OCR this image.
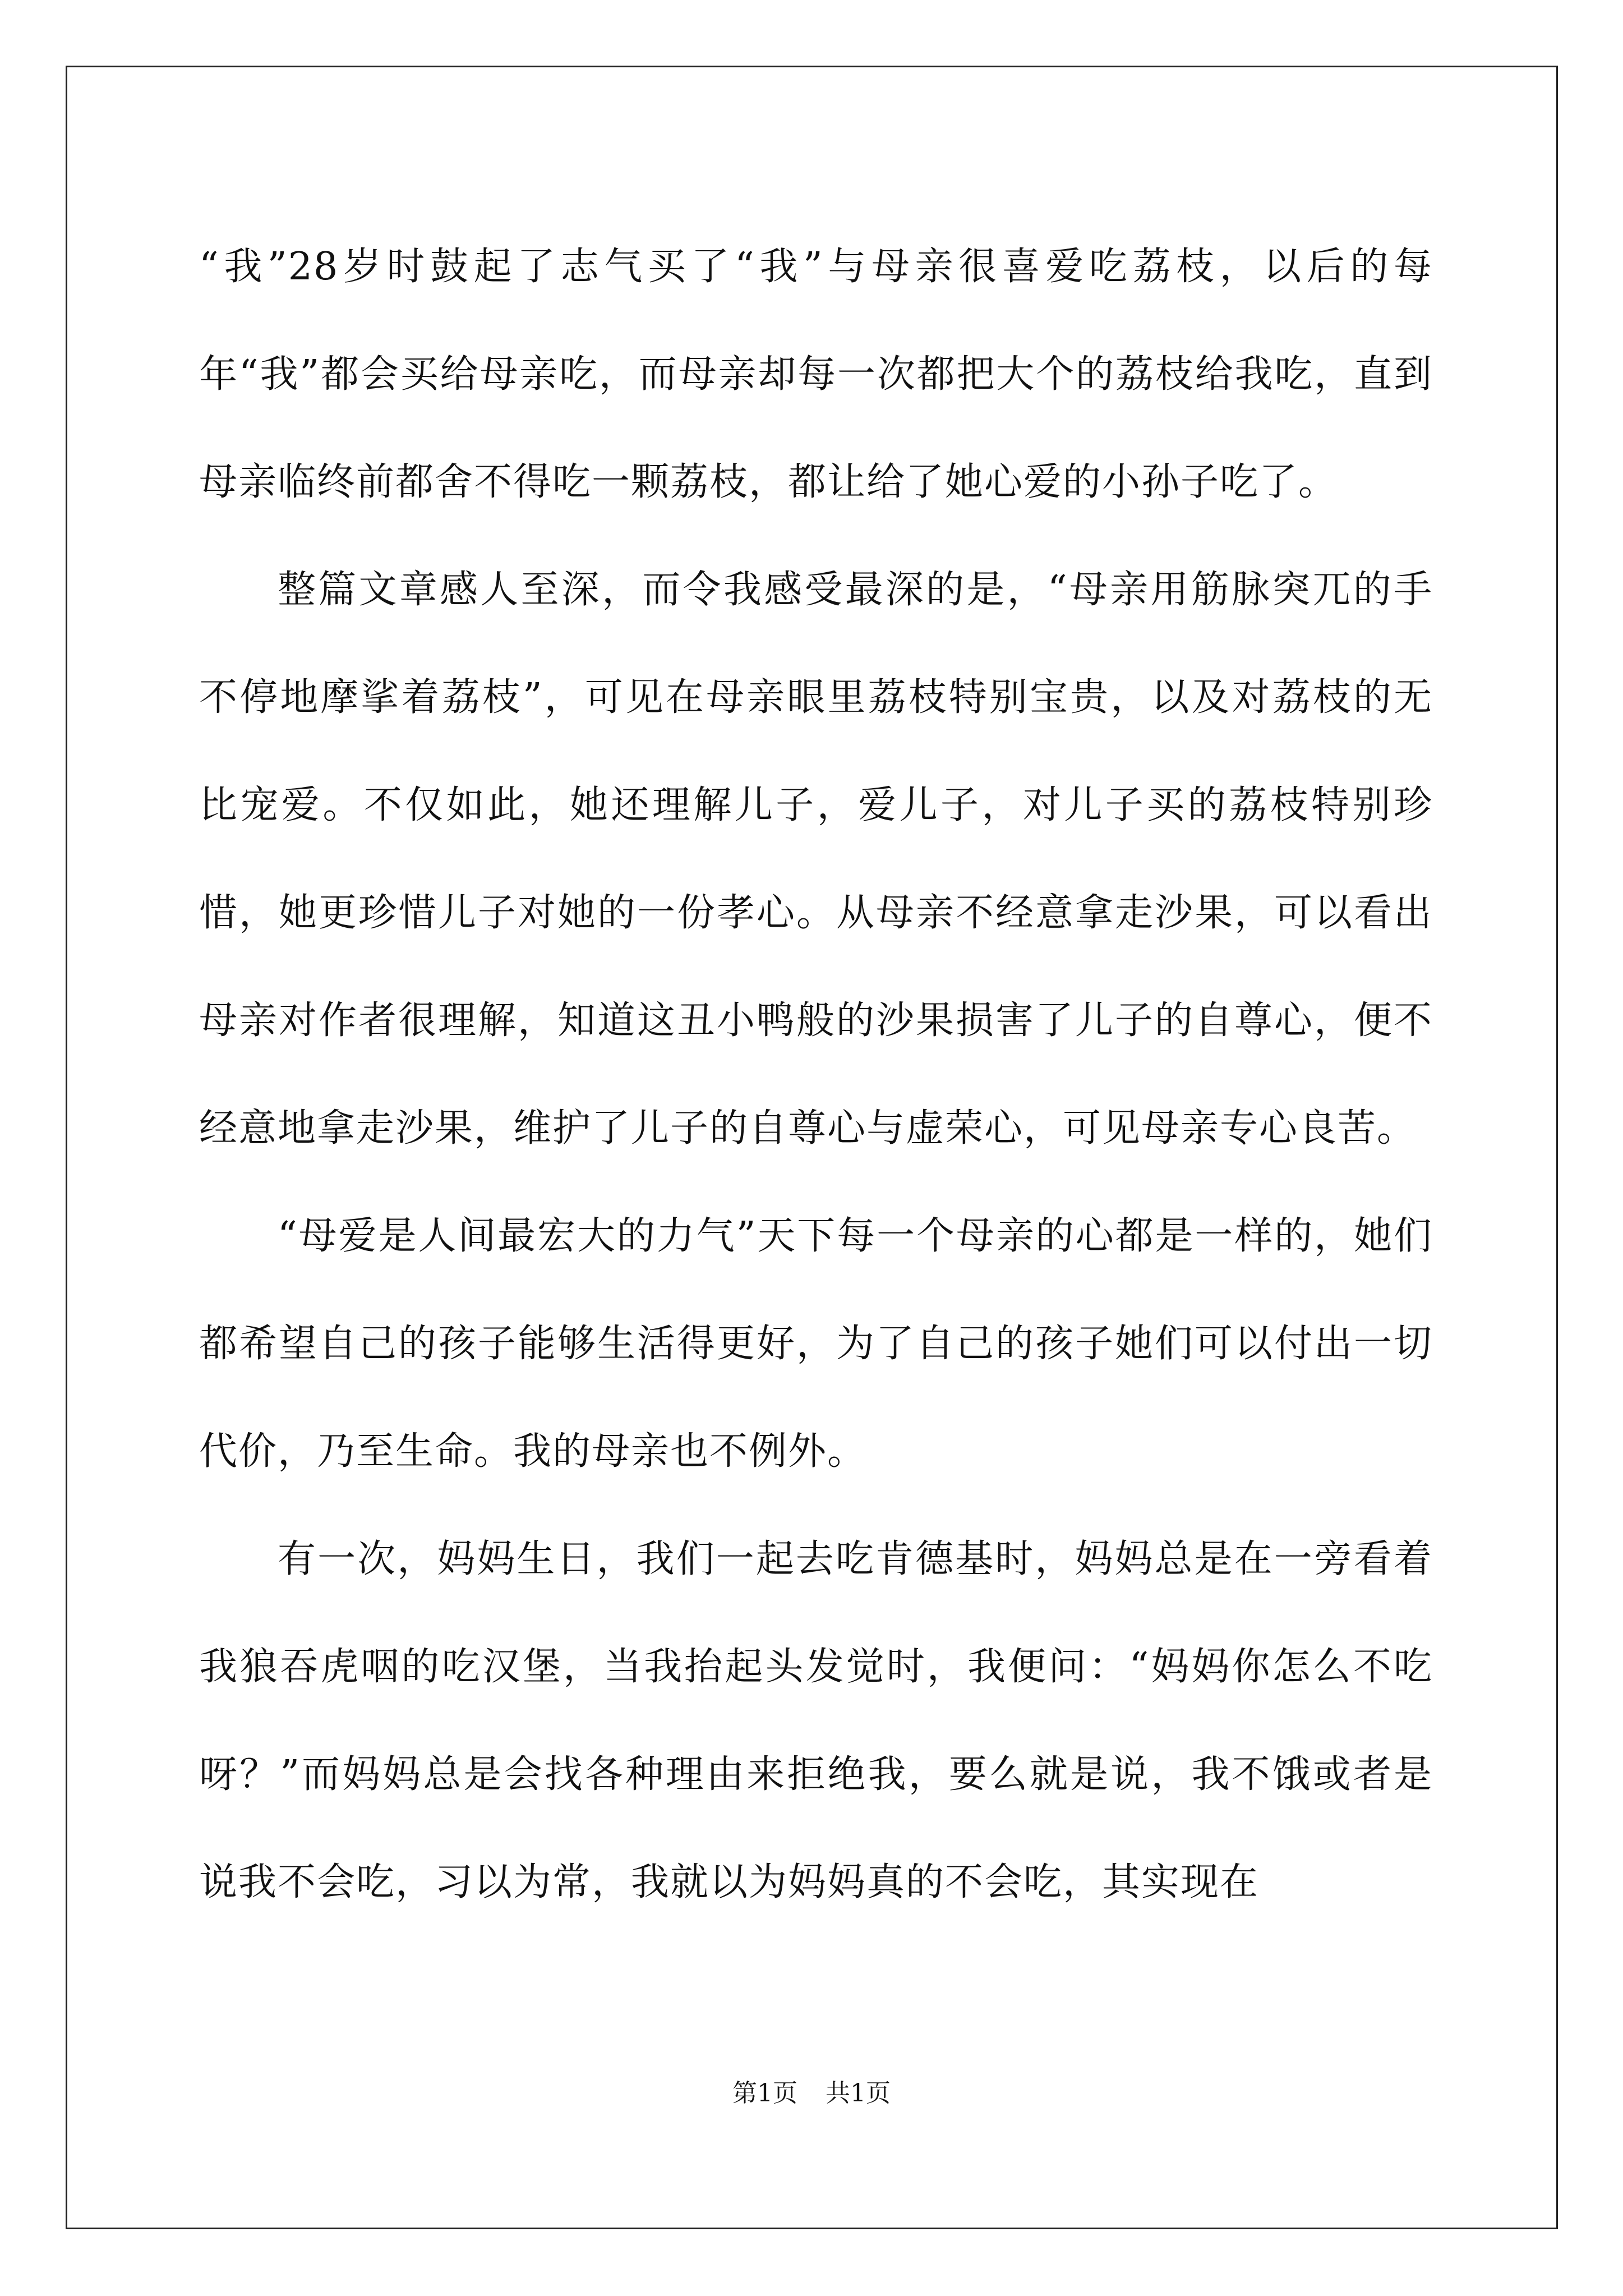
“我”28岁时鼓起了志气买了“我”与母亲很喜爱吃荔枝，以后的每年“我”都会买给母亲吃，而母亲却每一次都把大个的荔枝给我吃，直到母亲临终前都舍不得吃一颗荔枝，都让给了她心爱的小孙子吃了。

整篇文章感人至深，而令我感受最深的是，“母亲用筋脉突兀的手不停地摩挲着荔枝”，可见在母亲眼里荔枝特别宝贵，以及对荔枝的无比宠爱。不仅如此，她还理解儿子，爱儿子，对儿子买的荔枝特别珍惜，她更珍惜儿子对她的一份孝心。从母亲不经意拿走沙果，可以看出母亲对作者很理解，知道这丑小鸭般的沙果损害了儿子的自尊心，便不经意地拿走沙果，维护了儿子的自尊心与虚荣心，可见母亲专心良苦。

“母爱是人间最宏大的力气”天下每一个母亲的心都是一样的，她们都希望自己的孩子能够生活得更好，为了自己的孩子她们可以付出一切代价，乃至生命。我的母亲也不例外。

有一次，妈妈生日，我们一起去吃肯德基时，妈妈总是在一旁看着我狼吞虎咽的吃汉堡，当我抬起头发觉时，我便问：“妈妈你怎么不吃呀？”而妈妈总是会找各种理由来拒绝我，要么就是说，我不饿或者是说我不会吃，习以为常，我就以为妈妈真的不会吃，其实现在

第1页 共1页
